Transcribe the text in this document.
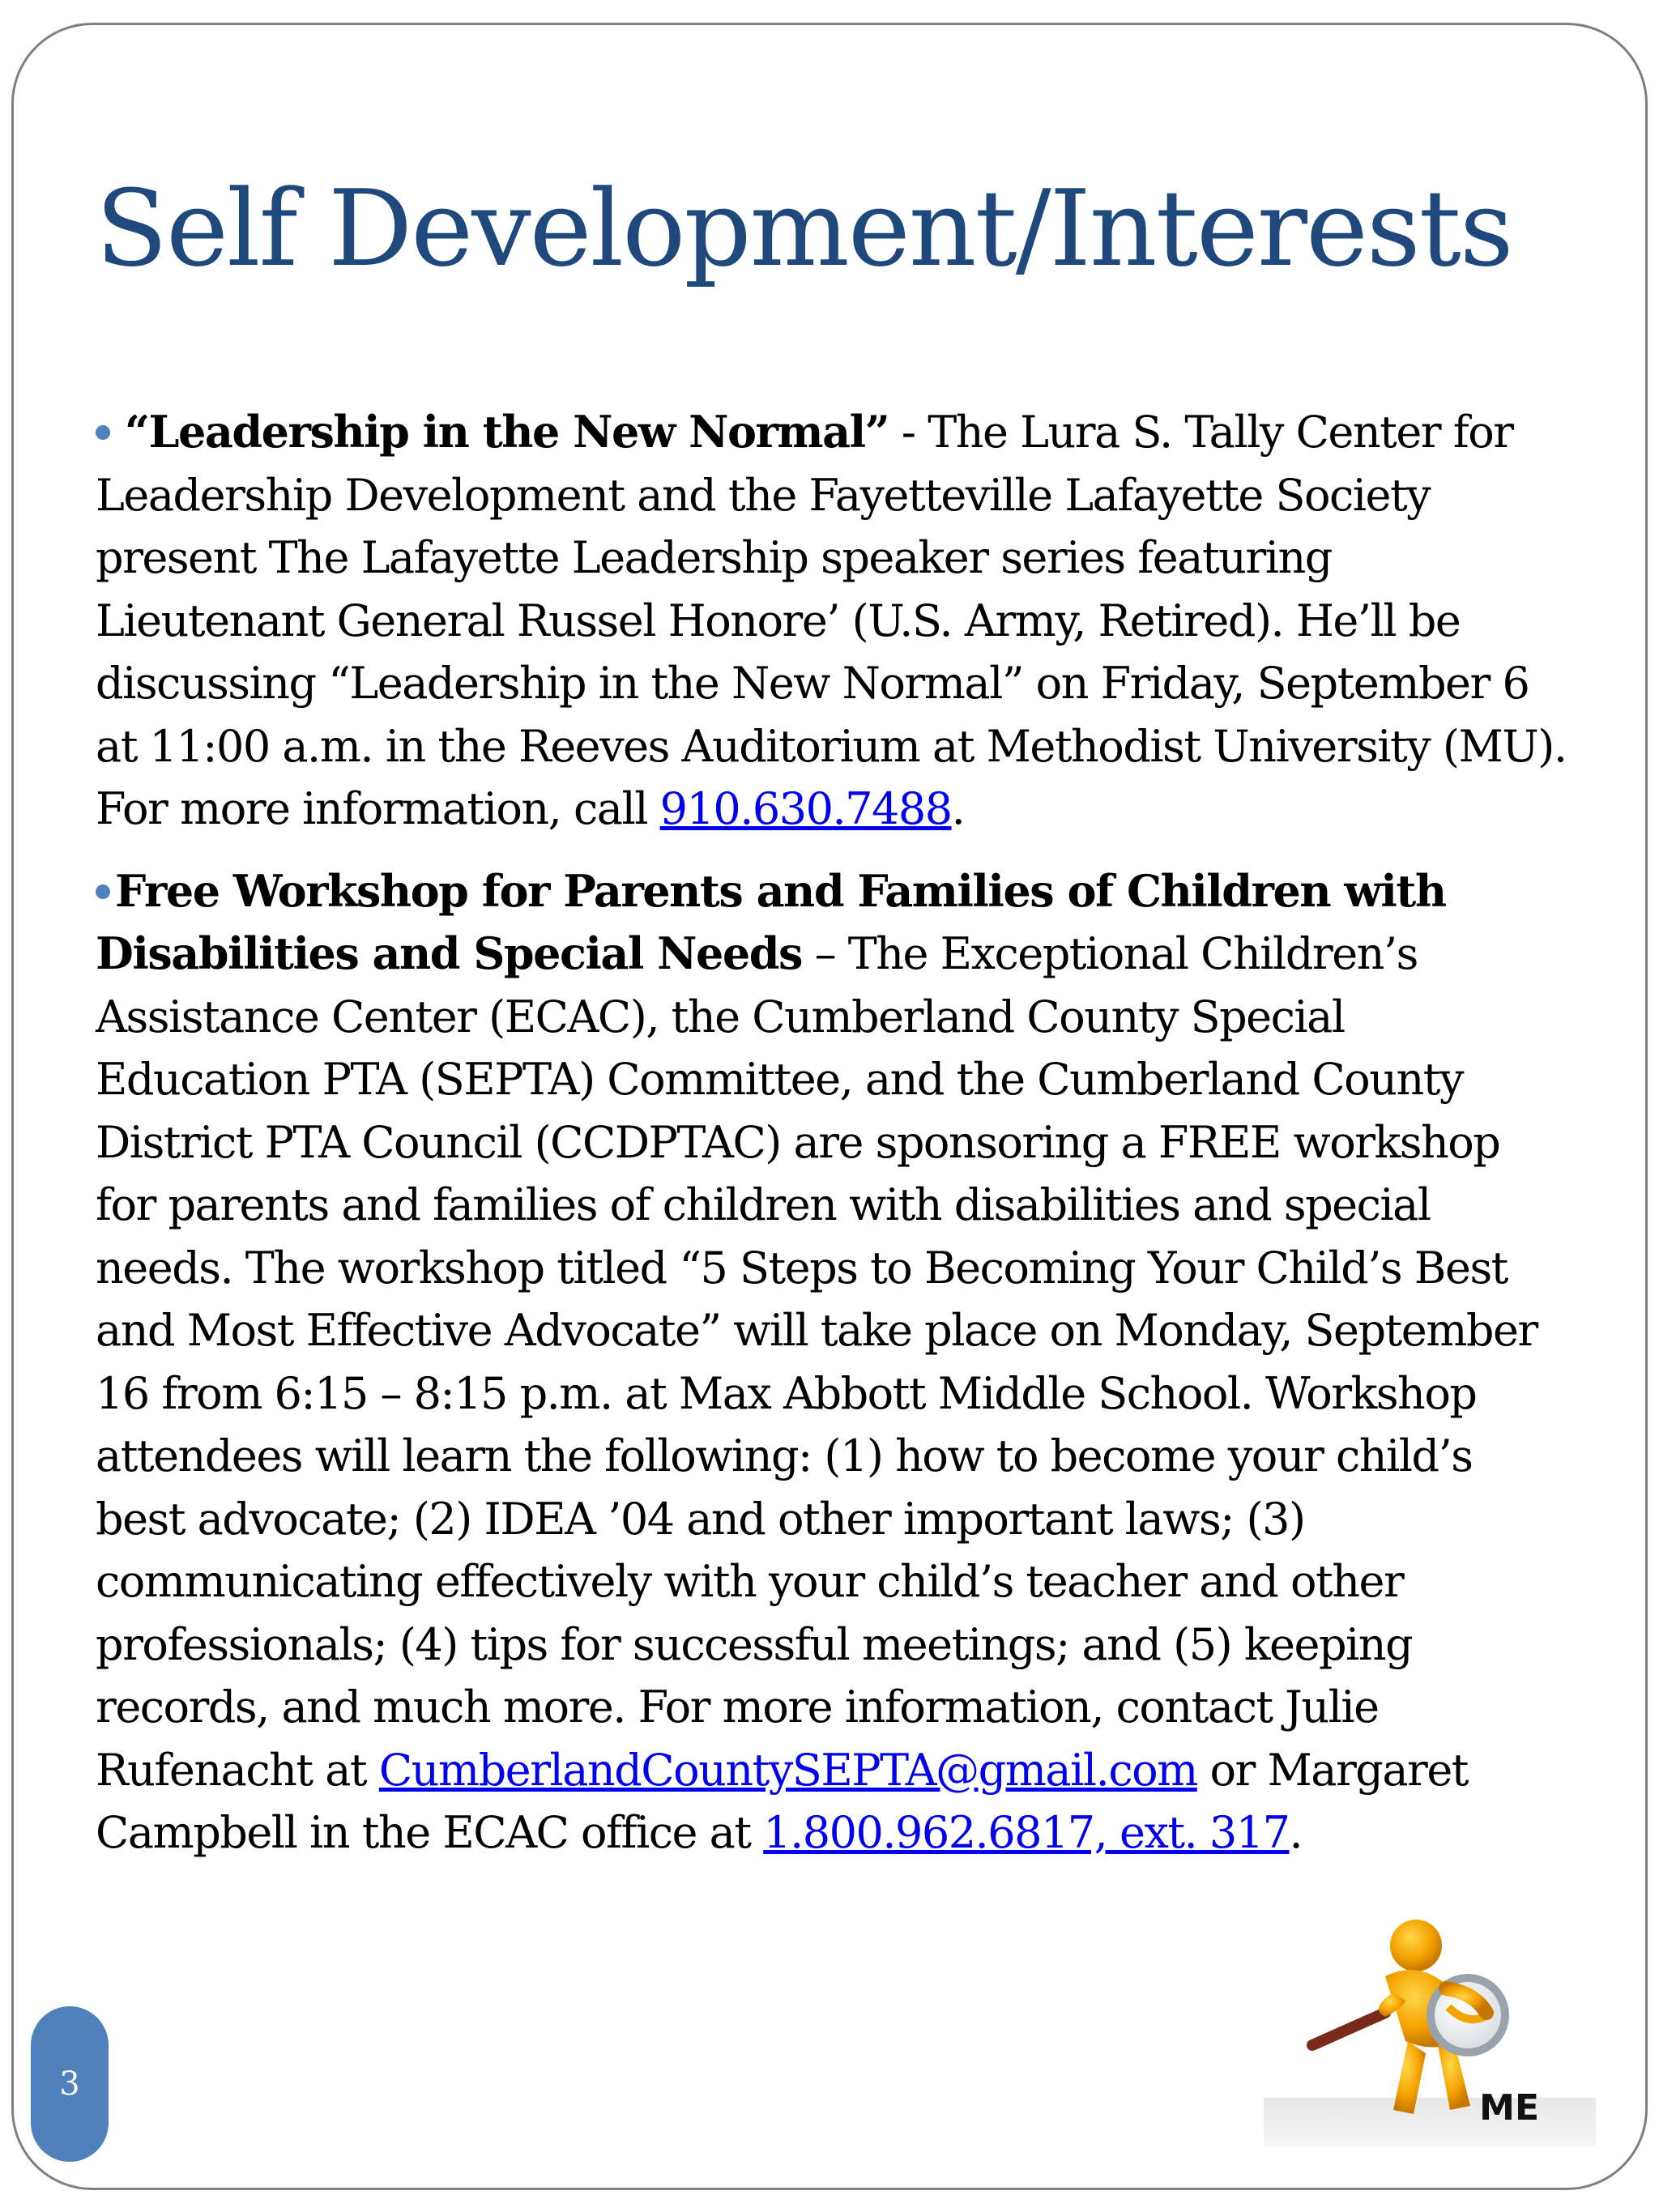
Self Development/Interests

“Leadership in the New Normal” - The Lura S. Tally Center for Leadership Development and the Fayetteville Lafayette Society present The Lafayette Leadership speaker series featuring Lieutenant General Russel Honore’ (U.S. Army, Retired). He’ll be discussing “Leadership in the New Normal” on Friday, September 6 at 11:00 a.m. in the Reeves Auditorium at Methodist University (MU). For more information, call 910.630.7488.

Free Workshop for Parents and Families of Children with Disabilities and Special Needs – The Exceptional Children’s Assistance Center (ECAC), the Cumberland County Special Education PTA (SEPTA) Committee, and the Cumberland County District PTA Council (CCDPTAC) are sponsoring a FREE workshop for parents and families of children with disabilities and special needs. The workshop titled “5 Steps to Becoming Your Child’s Best and Most Effective Advocate” will take place on Monday, September 16 from 6:15 – 8:15 p.m. at Max Abbott Middle School. Workshop attendees will learn the following: (1) how to become your child’s best advocate; (2) IDEA ’04 and other important laws; (3) communicating effectively with your child’s teacher and other professionals; (4) tips for successful meetings; and (5) keeping records, and much more. For more information, contact Julie Rufenacht at CumberlandCountySEPTA@gmail.com or Margaret Campbell in the ECAC office at 1.800.962.6817, ext. 317.

3
ME
